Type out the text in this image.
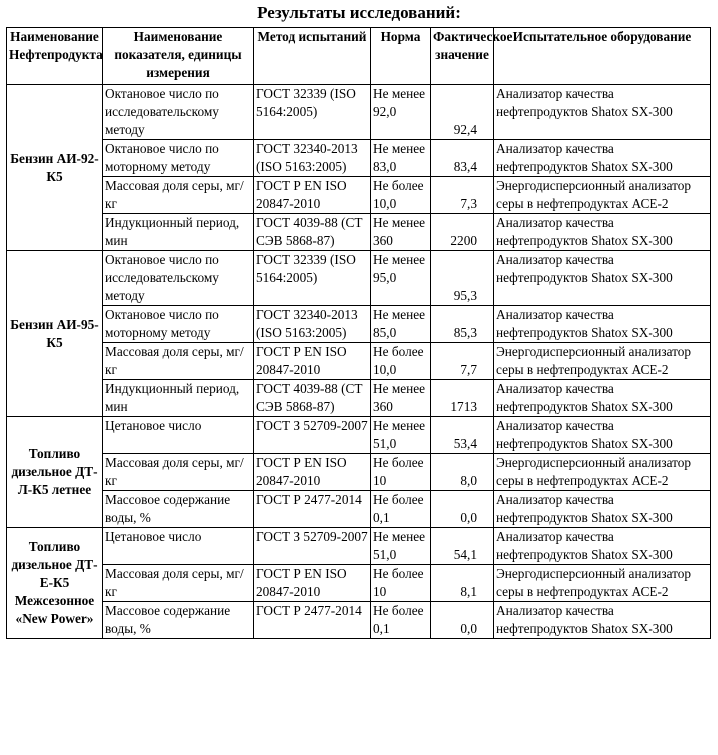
Результаты исследований:
Наименование Нефтепродукта	Наименование показателя, единицы измерения	Метод испытаний	Норма	Фактическое значение	Испытательное оборудование
Бензин АИ-92-К5	Октановое число по исследовательскому методу	ГОСТ 32339 (ISO 5164:2005)	Не менее 92,0	92,4	Анализатор качества нефтепродуктов Shatox SX-300
	Октановое число по моторному методу	ГОСТ 32340-2013 (ISO 5163:2005)	Не менее 83,0	83,4	Анализатор качества нефтепродуктов Shatox SX-300
	Массовая доля серы, мг/кг	ГОСТ Р EN ISO 20847-2010	Не более 10,0	7,3	Энергодисперсионный анализатор серы в нефтепродуктах АСЕ-2
	Индукционный период, мин	ГОСТ 4039-88 (СТ СЭВ 5868-87)	Не менее 360	2200	Анализатор качества нефтепродуктов Shatox SX-300
Бензин АИ-95-К5	Октановое число по исследовательскому методу	ГОСТ 32339 (ISO 5164:2005)	Не менее 95,0	95,3	Анализатор качества нефтепродуктов Shatox SX-300
	Октановое число по моторному методу	ГОСТ 32340-2013 (ISO 5163:2005)	Не менее 85,0	85,3	Анализатор качества нефтепродуктов Shatox SX-300
	Массовая доля серы, мг/кг	ГОСТ Р EN ISO 20847-2010	Не более 10,0	7,7	Энергодисперсионный анализатор серы в нефтепродуктах АСЕ-2
	Индукционный период, мин	ГОСТ 4039-88 (СТ СЭВ 5868-87)	Не менее 360	1713	Анализатор качества нефтепродуктов Shatox SX-300
Топливо дизельное ДТ-Л-К5 летнее	Цетановое число	ГОСТ З 52709-2007	Не менее 51,0	53,4	Анализатор качества нефтепродуктов Shatox SX-300
	Массовая доля серы, мг/кг	ГОСТ Р EN ISO 20847-2010	Не более 10	8,0	Энергодисперсионный анализатор серы в нефтепродуктах АСЕ-2
	Массовое содержание воды, %	ГОСТ Р 2477-2014	Не более 0,1	0,0	Анализатор качества нефтепродуктов Shatox SX-300
Топливо дизельное ДТ-Е-К5 Межсезонное «New Power»	Цетановое число	ГОСТ З 52709-2007	Не менее 51,0	54,1	Анализатор качества нефтепродуктов Shatox SX-300
	Массовая доля серы, мг/кг	ГОСТ Р EN ISO 20847-2010	Не более 10	8,1	Энергодисперсионный анализатор серы в нефтепродуктах АСЕ-2
	Массовое содержание воды, %	ГОСТ Р 2477-2014	Не более 0,1	0,0	Анализатор качества нефтепродуктов Shatox SX-300
